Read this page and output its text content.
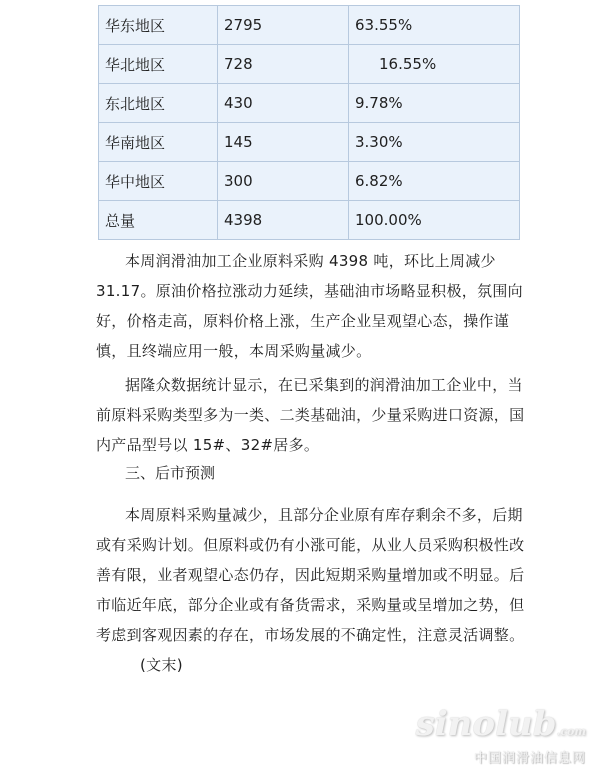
华东地区	2795	63.55%
华北地区	728	16.55%
东北地区	430	9.78%
华南地区	145	3.30%
华中地区	300	6.82%
总量	4398	100.00%

本周润滑油加工企业原料采购 4398 吨，环比上周减少 31.17。原油价格拉涨动力延续，基础油市场略显积极，氛围向好，价格走高，原料价格上涨，生产企业呈观望心态，操作谨慎，且终端应用一般，本周采购量减少。

据隆众数据统计显示，在已采集到的润滑油加工企业中，当前原料采购类型多为一类、二类基础油，少量采购进口资源，国内产品型号以 15#、32#居多。

三、后市预测

本周原料采购量减少，且部分企业原有库存剩余不多，后期或有采购计划。但原料或仍有小涨可能，从业人员采购积极性改善有限，业者观望心态仍存，因此短期采购量增加或不明显。后市临近年底，部分企业或有备货需求，采购量或呈增加之势，但考虑到客观因素的存在，市场发展的不确定性，注意灵活调整。(文末)

sinolub.com
中国润滑油信息网
